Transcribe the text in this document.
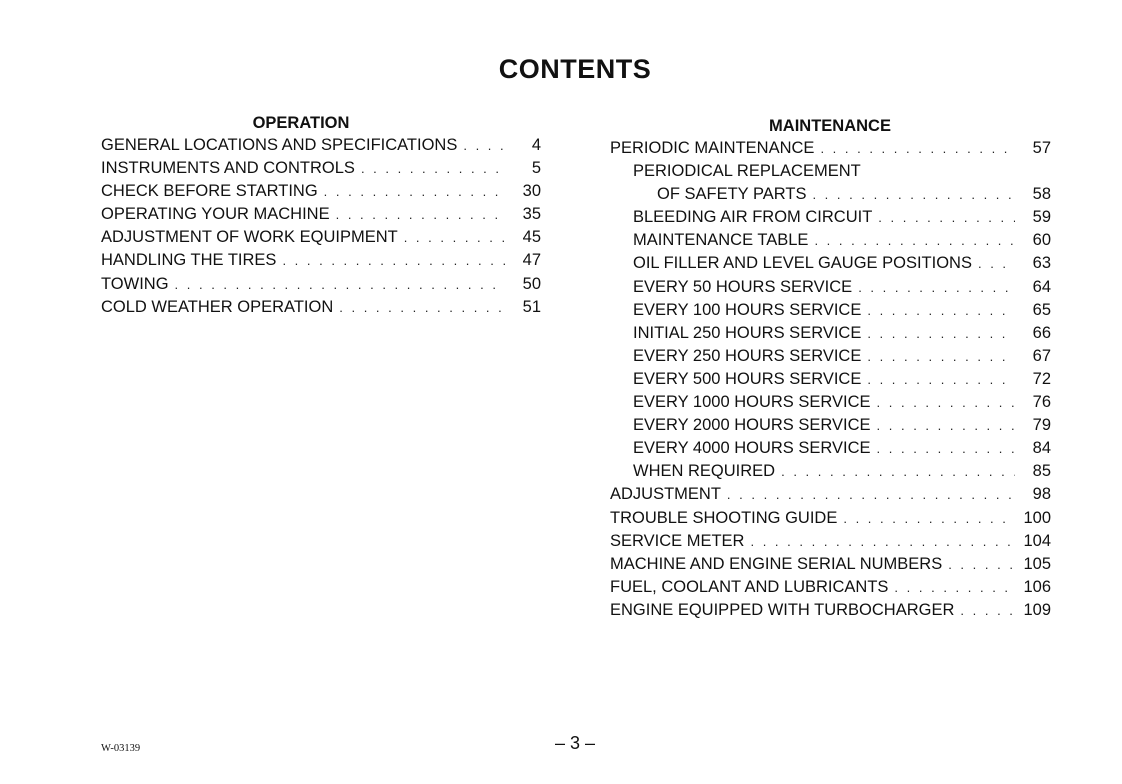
CONTENTS
OPERATION
GENERAL LOCATIONS AND SPECIFICATIONS . . .	4
INSTRUMENTS AND CONTROLS . . .	5
CHECK BEFORE STARTING . . .	30
OPERATING YOUR MACHINE . . .	35
ADJUSTMENT OF WORK EQUIPMENT . . .	45
HANDLING THE TIRES . . .	47
TOWING . . .	50
COLD WEATHER OPERATION . . .	51
MAINTENANCE
PERIODIC MAINTENANCE . . .	57
PERIODICAL REPLACEMENT
OF SAFETY PARTS . . .	58
BLEEDING AIR FROM CIRCUIT . . .	59
MAINTENANCE TABLE . . .	60
OIL FILLER AND LEVEL GAUGE POSITIONS . . .	63
EVERY 50 HOURS SERVICE . . .	64
EVERY 100 HOURS SERVICE . . .	65
INITIAL 250 HOURS SERVICE . . .	66
EVERY 250 HOURS SERVICE . . .	67
EVERY 500 HOURS SERVICE . . .	72
EVERY 1000 HOURS SERVICE . . .	76
EVERY 2000 HOURS SERVICE . . .	79
EVERY 4000 HOURS SERVICE . . .	84
WHEN REQUIRED . . .	85
ADJUSTMENT . . .	98
TROUBLE SHOOTING GUIDE . . .	100
SERVICE METER . . .	104
MACHINE AND ENGINE SERIAL NUMBERS . . .	105
FUEL, COOLANT AND LUBRICANTS . . .	106
ENGINE EQUIPPED WITH TURBOCHARGER . . .	109
W-03139	– 3 –
